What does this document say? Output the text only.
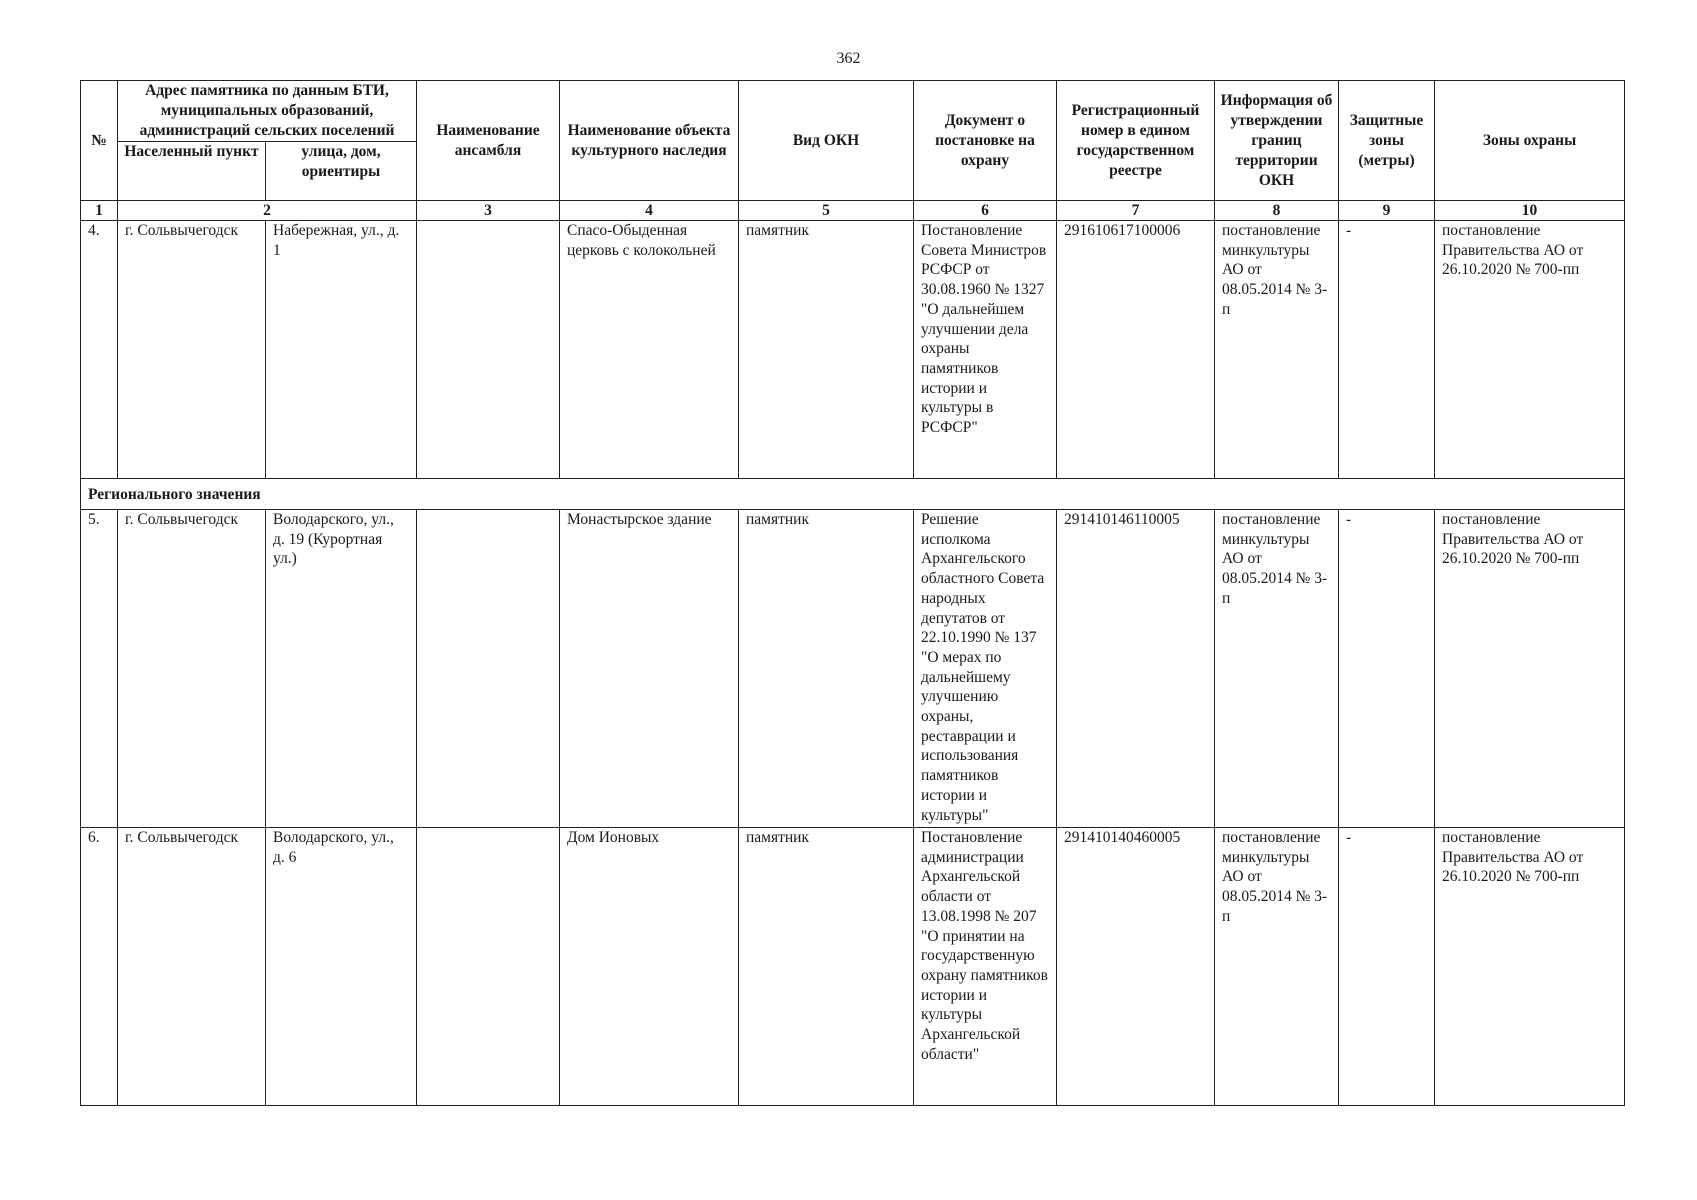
362
№	Адрес памятника по данным БТИ, муниципальных образований, администраций сельских поселений		Наименование ансамбля	Наименование объекта культурного наследия	Вид ОКН	Документ о постановке на охрану	Регистрационный номер в едином государственном реестре	Информация об утверждении границ территории ОКН	Защитные зоны (метры)	Зоны охраны
	Населенный пункт	улица, дом, ориентиры								
1	2		3	4	5	6	7	8	9	10
4.	г. Сольвычегодск	Набережная, ул., д. 1		Спасо-Обыденная церковь с колокольней	памятник	Постановление Совета Министров РСФСР от 30.08.1960 № 1327 "О дальнейшем улучшении дела охраны памятников истории и культуры в РСФСР"	291610617100006	постановление минкультуры АО от 08.05.2014 № 3-п	-	постановление Правительства АО от 26.10.2020 № 700-пп
Регионального значения										
5.	г. Сольвычегодск	Володарского, ул., д. 19 (Курортная ул.)		Монастырское здание	памятник	Решение исполкома Архангельского областного Совета народных депутатов от 22.10.1990 № 137 "О мерах по дальнейшему улучшению охраны, реставрации и использования памятников истории и культуры"	291410146110005	постановление минкультуры АО от 08.05.2014 № 3-п	-	постановление Правительства АО от 26.10.2020 № 700-пп
6.	г. Сольвычегодск	Володарского, ул., д. 6		Дом Ионовых	памятник	Постановление администрации Архангельской области от 13.08.1998 № 207 "О принятии на государственную охрану памятников истории и культуры Архангельской области"	291410140460005	постановление минкультуры АО от 08.05.2014 № 3-п	-	постановление Правительства АО от 26.10.2020 № 700-пп
